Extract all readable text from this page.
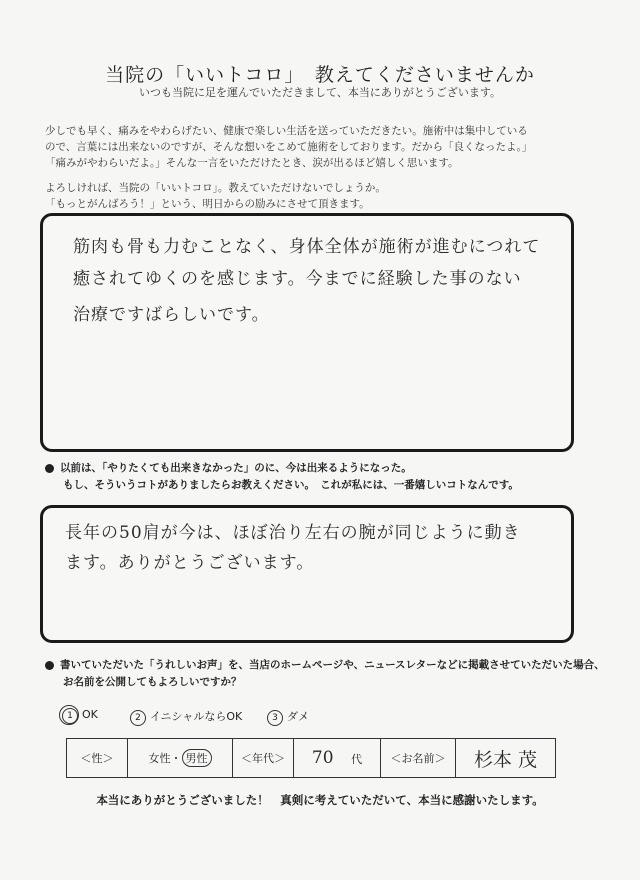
当院の「いいトコロ」　教えてくださいませんか
いつも当院に足を運んでいただきまして、本当にありがとうございます。
少しでも早く、痛みをやわらげたい、健康で楽しい生活を送っていただきたい。施術中は集中している
ので、言葉には出来ないのですが、そんな想いをこめて施術をしております。だから「良くなったよ。」
「痛みがやわらいだよ。」そんな一言をいただけたとき、涙が出るほど嬉しく思います。
よろしければ、当院の「いいトコロ」。教えていただけないでしょうか。
「もっとがんばろう！」という、明日からの励みにさせて頂きます。
筋肉も骨も力むことなく、身体全体が施術が進むにつれて
癒されてゆくのを感じます。今までに経験した事のない
治療ですばらしいです。
以前は、「やりたくても出来きなかった」のに、今は出来るようになった。
もし、そういうコトがありましたらお教えください。　これが私には、一番嬉しいコトなんです。
長年の50肩が今は、ほぼ治り左右の腕が同じように動き
ます。ありがとうございます。
書いていただいた「うれしいお声」を、当店のホームページや、ニュースレターなどに掲載させていただいた場合、
お名前を公開してもよろしいですか？
1 OK	2 イニシャルならOK	3 ダメ
＜性＞	女性・ 男性	＜年代＞	70 代	＜お名前＞	杉本 茂
本当にありがとうございました！　真剣に考えていただいて、本当に感謝いたします。
